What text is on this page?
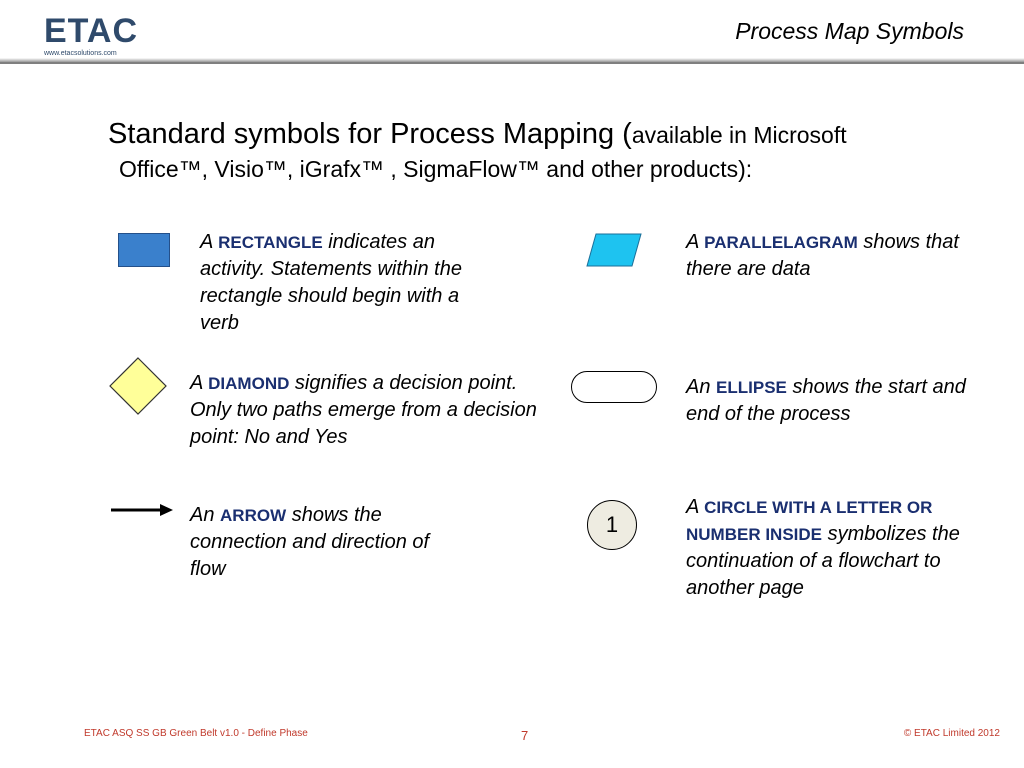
ETAC
www.etacsolutions.com
Process Map Symbols
Standard symbols for Process Mapping (available in Microsoft
Office™, Visio™, iGrafx™ , SigmaFlow™ and other products):
A RECTANGLE indicates an activity. Statements within the rectangle should begin with a verb
A PARALLELAGRAM shows that there are data
A DIAMOND signifies a decision point. Only two paths emerge from a decision point: No and Yes
An ELLIPSE shows the start and end of the process
An ARROW shows the connection and direction of flow
1
A CIRCLE WITH A LETTER OR NUMBER INSIDE symbolizes the continuation of a flowchart to another page
ETAC ASQ SS GB Green Belt v1.0 - Define Phase	7	© ETAC Limited 2012
